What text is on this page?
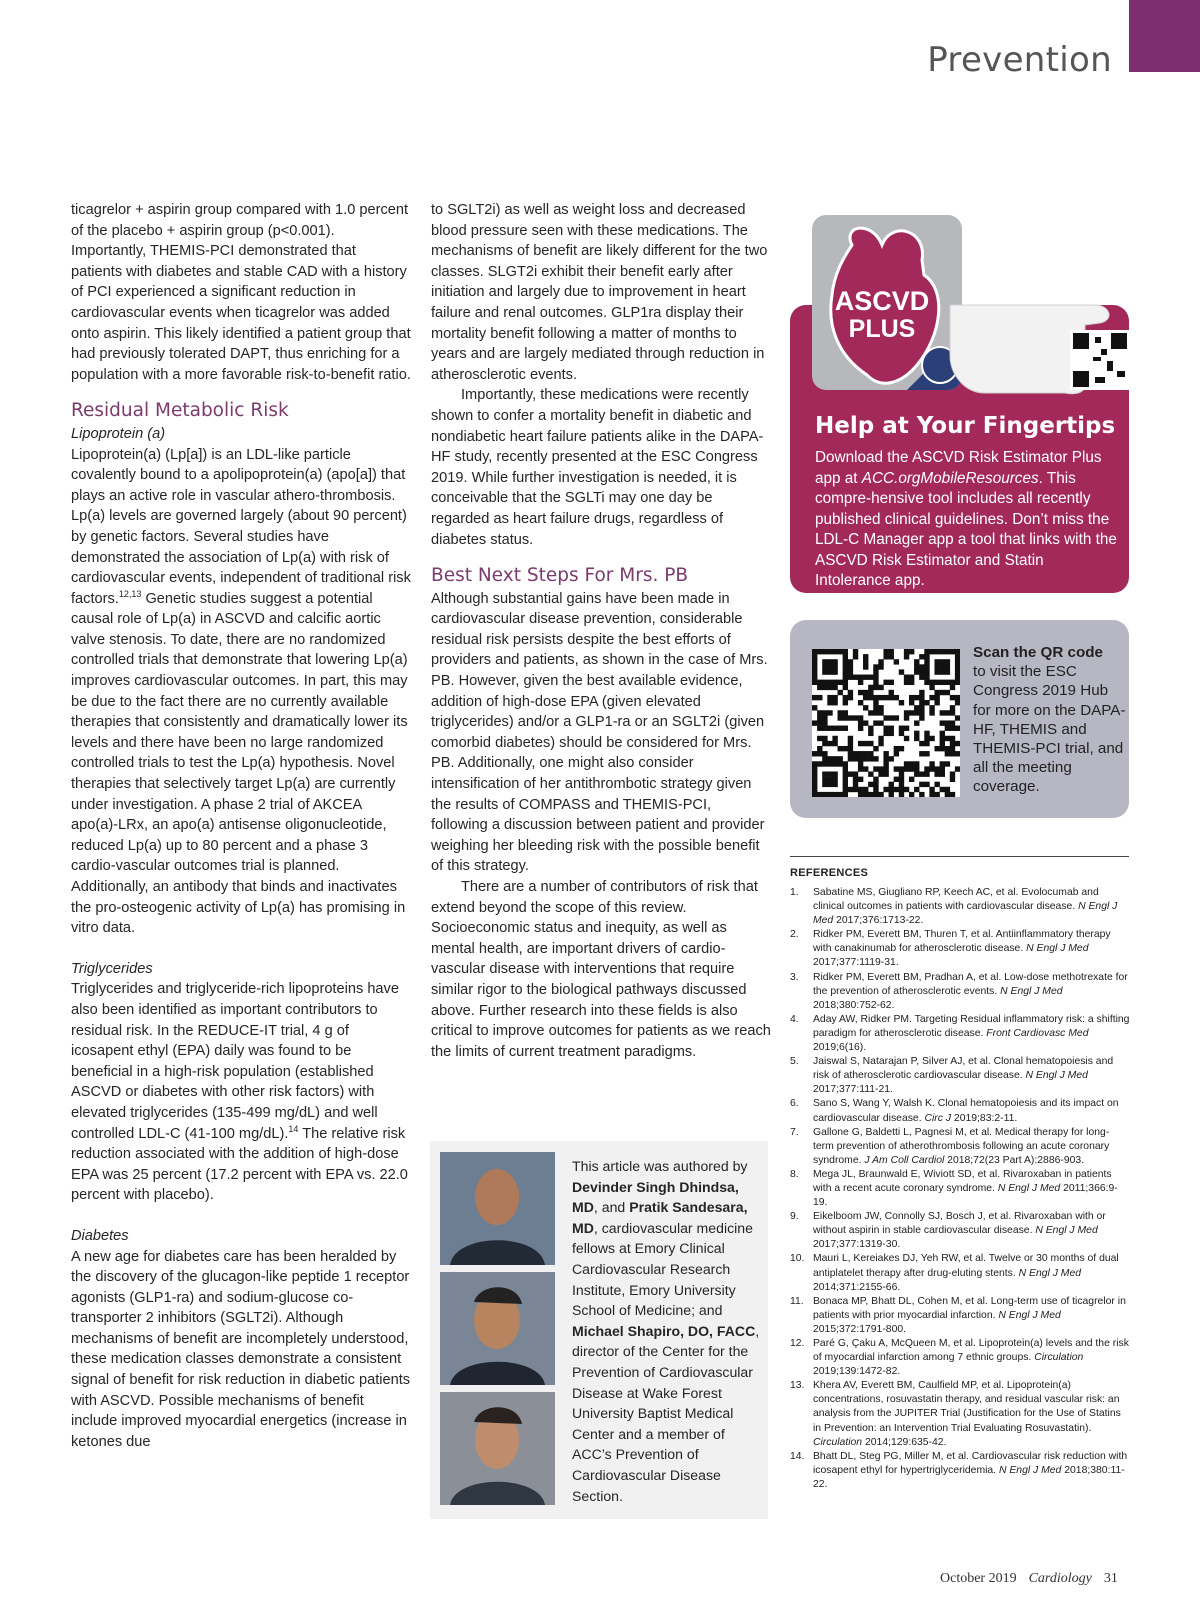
Prevention

ticagrelor + aspirin group compared with 1.0 percent of the placebo + aspirin group (p<0.001). Importantly, THEMIS-PCI demonstrated that patients with diabetes and stable CAD with a history of PCI experienced a significant reduction in cardiovascular events when ticagrelor was added onto aspirin. This likely identified a patient group that had previously tolerated DAPT, thus enriching for a population with a more favorable risk-to-benefit ratio.

Residual Metabolic Risk

Lipoprotein (a)

Lipoprotein(a) (Lp[a]) is an LDL-like particle covalently bound to a apolipoprotein(a) (apo[a]) that plays an active role in vascular athero-thrombosis. Lp(a) levels are governed largely (about 90 percent) by genetic factors. Several studies have demonstrated the association of Lp(a) with risk of cardiovascular events, independent of traditional risk factors.$^{12,13}$ Genetic studies suggest a potential causal role of Lp(a) in ASCVD and calcific aortic valve stenosis. To date, there are no randomized controlled trials that demonstrate that lowering Lp(a) improves cardiovascular outcomes. In part, this may be due to the fact there are no currently available therapies that consistently and dramatically lower its levels and there have been no large randomized controlled trials to test the Lp(a) hypothesis. Novel therapies that selectively target Lp(a) are currently under investigation. A phase 2 trial of AKCEA apo(a)-LRx, an apo(a) antisense oligonucleotide, reduced Lp(a) up to 80 percent and a phase 3 cardio-vascular outcomes trial is planned. Additionally, an antibody that binds and inactivates the pro-osteogenic activity of Lp(a) has promising in vitro data.

Triglycerides

Triglycerides and triglyceride-rich lipoproteins have also been identified as important contributors to residual risk. In the REDUCE-IT trial, 4 g of icosapent ethyl (EPA) daily was found to be beneficial in a high-risk population (established ASCVD or diabetes with other risk factors) with elevated triglycerides (135-499 mg/dL) and well controlled LDL-C (41-100 mg/dL).$^{14}$ The relative risk reduction associated with the addition of high-dose EPA was 25 percent (17.2 percent with EPA vs. 22.0 percent with placebo).

Diabetes

A new age for diabetes care has been heralded by the discovery of the glucagon-like peptide 1 receptor agonists (GLP1-ra) and sodium-glucose co-transporter 2 inhibitors (SGLT2i). Although mechanisms of benefit are incompletely understood, these medication classes demonstrate a consistent signal of benefit for risk reduction in diabetic patients with ASCVD. Possible mechanisms of benefit include improved myocardial energetics (increase in ketones due

to SGLT2i) as well as weight loss and decreased blood pressure seen with these medications. The mechanisms of benefit are likely different for the two classes. SLGT2i exhibit their benefit early after initiation and largely due to improvement in heart failure and renal outcomes. GLP1ra display their mortality benefit following a matter of months to years and are largely mediated through reduction in atherosclerotic events.

Importantly, these medications were recently shown to confer a mortality benefit in diabetic and nondiabetic heart failure patients alike in the DAPA-HF study, recently presented at the ESC Congress 2019. While further investigation is needed, it is conceivable that the SGLTi may one day be regarded as heart failure drugs, regardless of diabetes status.

Best Next Steps For Mrs. PB

Although substantial gains have been made in cardiovascular disease prevention, considerable residual risk persists despite the best efforts of providers and patients, as shown in the case of Mrs. PB. However, given the best available evidence, addition of high-dose EPA (given elevated triglycerides) and/or a GLP1-ra or an SGLT2i (given comorbid diabetes) should be considered for Mrs. PB. Additionally, one might also consider intensification of her antithrombotic strategy given the results of COMPASS and THEMIS-PCI, following a discussion between patient and provider weighing her bleeding risk with the possible benefit of this strategy.

There are a number of contributors of risk that extend beyond the scope of this review. Socioeconomic status and inequity, as well as mental health, are important drivers of cardio-vascular disease with interventions that require similar rigor to the biological pathways discussed above. Further research into these fields is also critical to improve outcomes for patients as we reach the limits of current treatment paradigms.

ASCVD
PLUS
Help at Your Fingertips
Download the ASCVD Risk Estimator Plus app at ACC.orgMobileResources. This compre-hensive tool includes all recently published clinical guidelines. Don’t miss the LDL-C Manager app a tool that links with the ASCVD Risk Estimator and Statin Intolerance app.
Scan the QR code
to visit the ESC Congress 2019 Hub for more on the DAPA-HF, THEMIS and THEMIS-PCI trial, and all the meeting coverage.
REFERENCES
1. Sabatine MS, Giugliano RP, Keech AC, et al. Evolocumab and clinical outcomes in patients with cardiovascular disease. N Engl J Med 2017;376:1713-22.
2. Ridker PM, Everett BM, Thuren T, et al. Antiinflammatory therapy with canakinumab for atherosclerotic disease. N Engl J Med 2017;377:1119-31.
3. Ridker PM, Everett BM, Pradhan A, et al. Low-dose methotrexate for the prevention of atherosclerotic events. N Engl J Med 2018;380:752-62.
4. Aday AW, Ridker PM. Targeting Residual inflammatory risk: a shifting paradigm for atherosclerotic disease. Front Cardiovasc Med 2019;6(16).
5. Jaiswal S, Natarajan P, Silver AJ, et al. Clonal hematopoiesis and risk of atherosclerotic cardiovascular disease. N Engl J Med 2017;377:111-21.
6. Sano S, Wang Y, Walsh K. Clonal hematopoiesis and its impact on cardiovascular disease. Circ J 2019;83:2-11.
7. Gallone G, Baldetti L, Pagnesi M, et al. Medical therapy for long-term prevention of atherothrombosis following an acute coronary syndrome. J Am Coll Cardiol 2018;72(23 Part A):2886-903.
8. Mega JL, Braunwald E, Wiviott SD, et al. Rivaroxaban in patients with a recent acute coronary syndrome. N Engl J Med 2011;366:9-19.
9. Eikelboom JW, Connolly SJ, Bosch J, et al. Rivaroxaban with or without aspirin in stable cardiovascular disease. N Engl J Med 2017;377:1319-30.
10. Mauri L, Kereiakes DJ, Yeh RW, et al. Twelve or 30 months of dual antiplatelet therapy after drug-eluting stents. N Engl J Med 2014;371:2155-66.
11. Bonaca MP, Bhatt DL, Cohen M, et al. Long-term use of ticagrelor in patients with prior myocardial infarction. N Engl J Med 2015;372:1791-800.
12. Paré G, Çaku A, McQueen M, et al. Lipoprotein(a) levels and the risk of myocardial infarction among 7 ethnic groups. Circulation 2019;139:1472-82.
13. Khera AV, Everett BM, Caulfield MP, et al. Lipoprotein(a) concentrations, rosuvastatin therapy, and residual vascular risk: an analysis from the JUPITER Trial (Justification for the Use of Statins in Prevention: an Intervention Trial Evaluating Rosuvastatin). Circulation 2014;129:635-42.
14. Bhatt DL, Steg PG, Miller M, et al. Cardiovascular risk reduction with icosapent ethyl for hypertriglyceridemia. N Engl J Med 2018;380:11-22.
This article was authored by Devinder Singh Dhindsa, MD, and Pratik Sandesara, MD, cardiovascular medicine fellows at Emory Clinical Cardiovascular Research Institute, Emory University School of Medicine; and Michael Shapiro, DO, FACC, director of the Center for the Prevention of Cardiovascular Disease at Wake Forest University Baptist Medical Center and a member of ACC’s Prevention of Cardiovascular Disease Section.
October 2019 Cardiology 31
